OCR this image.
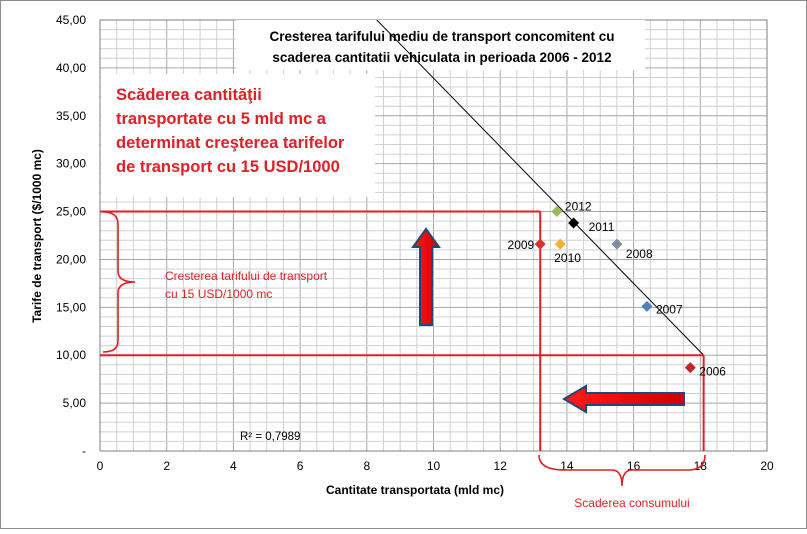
-
5,00
10,00
15,00
20,00
25,00
30,00
35,00
40,00
45,00
0	2	4	6	8	10	12	14	16	18	20
Cresterea tarifului mediu de transport concomitent cu
scaderea cantitatii vehiculata in perioada 2006 - 2012
Scăderea cantităţii
transportate cu 5 mld mc a
determinat creşterea tarifelor
de transport cu 15 USD/1000
Cantitate transportata (mld mc)
Tarife de transport ($/1000 mc)	Cresterea tarifului de transport
cu 15 USD/1000 mc
Scaderea consumului
2006
2007
2008
2009
2010
2011
2012
R² = 0,7989
